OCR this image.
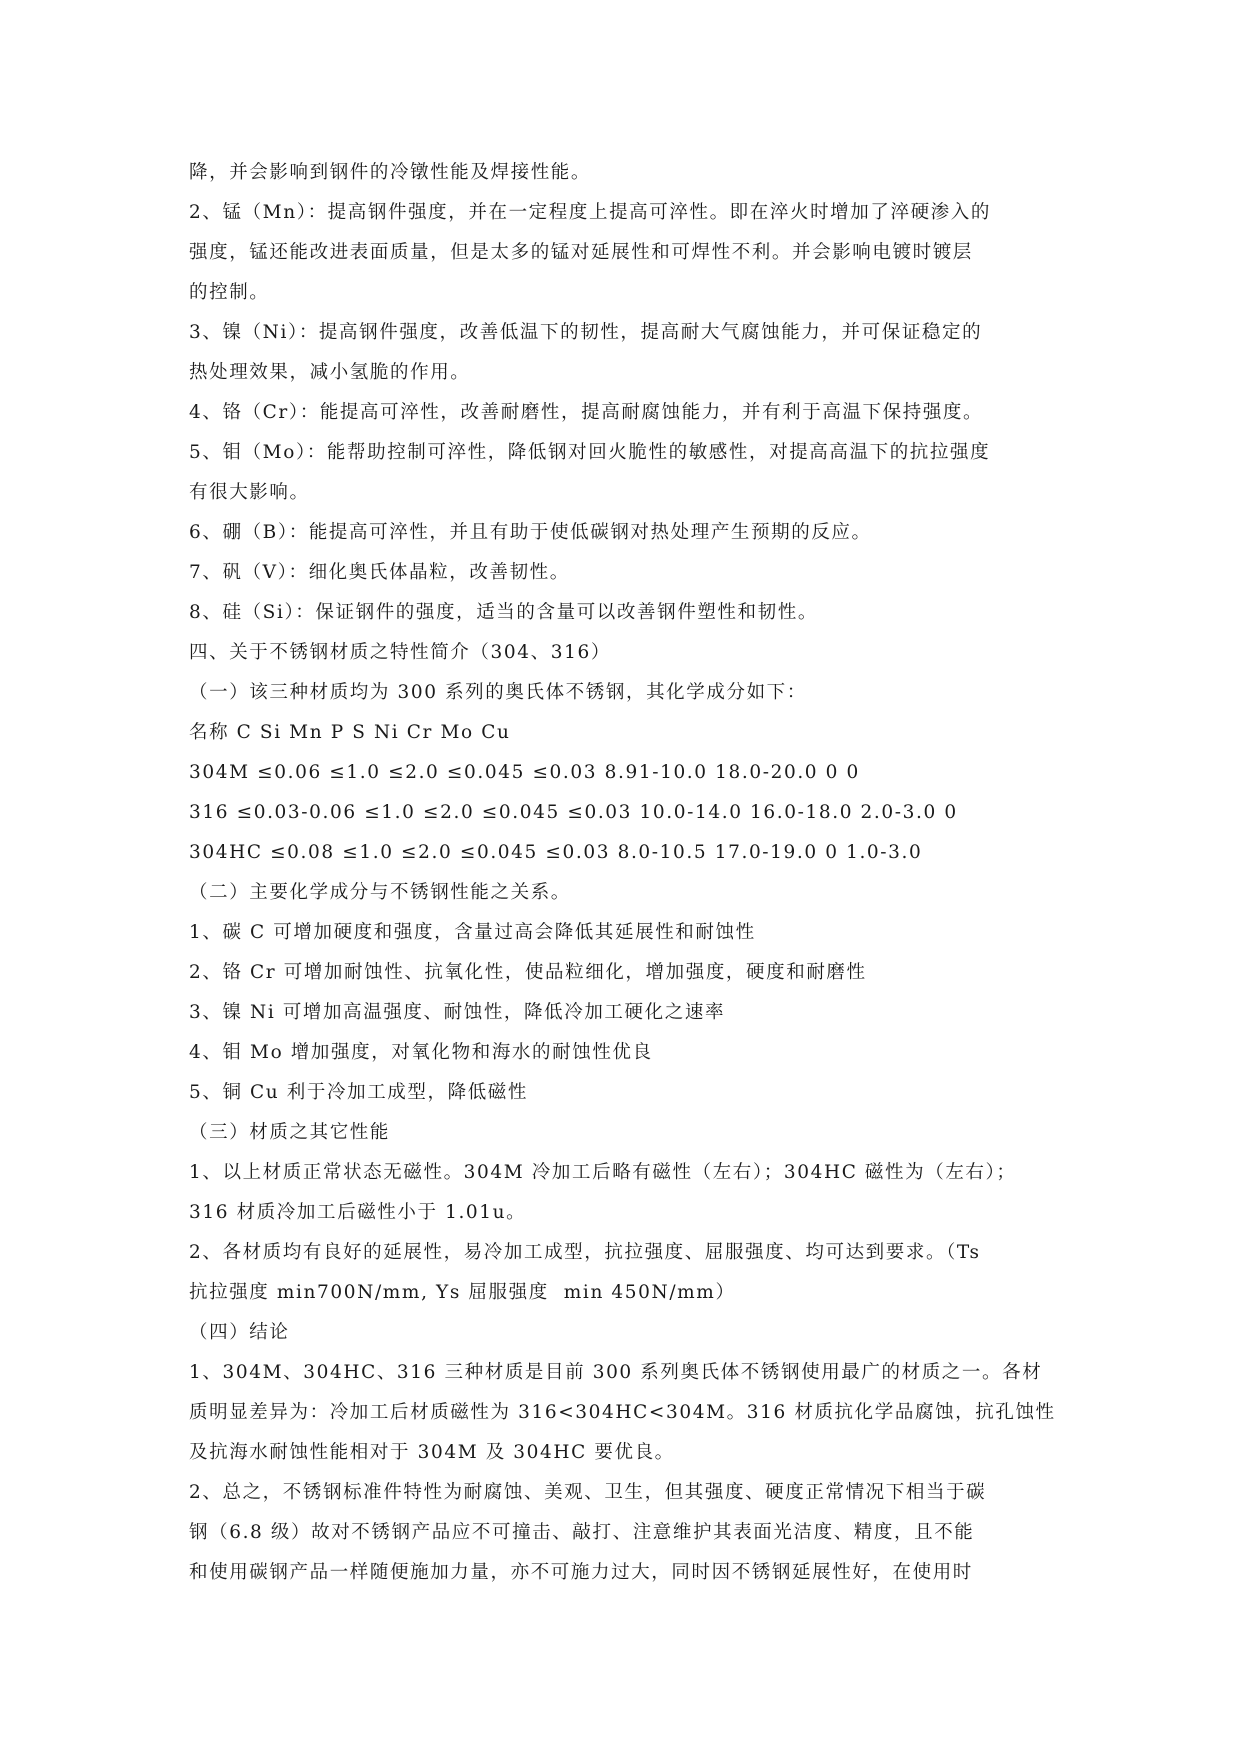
降，并会影响到钢件的冷镦性能及焊接性能。
2、锰（Mn）：提高钢件强度，并在一定程度上提高可淬性。即在淬火时增加了淬硬渗入的
强度，锰还能改进表面质量，但是太多的锰对延展性和可焊性不利。并会影响电镀时镀层
的控制。
3、镍（Ni）：提高钢件强度，改善低温下的韧性，提高耐大气腐蚀能力，并可保证稳定的
热处理效果，减小氢脆的作用。
4、铬（Cr）：能提高可淬性，改善耐磨性，提高耐腐蚀能力，并有利于高温下保持强度。
5、钼（Mo）：能帮助控制可淬性，降低钢对回火脆性的敏感性，对提高高温下的抗拉强度
有很大影响。
6、硼（B）：能提高可淬性，并且有助于使低碳钢对热处理产生预期的反应。
7、矾（V）：细化奥氏体晶粒，改善韧性。
8、硅（Si）：保证钢件的强度，适当的含量可以改善钢件塑性和韧性。
四、关于不锈钢材质之特性简介（304、316）
（一）该三种材质均为 300 系列的奥氏体不锈钢，其化学成分如下：
名称 C Si Mn P S Ni Cr Mo Cu
304M ≤0.06 ≤1.0 ≤2.0 ≤0.045 ≤0.03 8.91-10.0 18.0-20.0 0 0
316 ≤0.03-0.06 ≤1.0 ≤2.0 ≤0.045 ≤0.03 10.0-14.0 16.0-18.0 2.0-3.0 0
304HC ≤0.08 ≤1.0 ≤2.0 ≤0.045 ≤0.03 8.0-10.5 17.0-19.0 0 1.0-3.0
（二）主要化学成分与不锈钢性能之关系。
1、碳 C 可增加硬度和强度，含量过高会降低其延展性和耐蚀性
2、铬 Cr 可增加耐蚀性、抗氧化性，使品粒细化，增加强度，硬度和耐磨性
3、镍 Ni 可增加高温强度、耐蚀性，降低冷加工硬化之速率
4、钼 Mo 增加强度，对氧化物和海水的耐蚀性优良
5、铜 Cu 利于冷加工成型，降低磁性
（三）材质之其它性能
1、以上材质正常状态无磁性。304M 冷加工后略有磁性（左右）；304HC 磁性为（左右）；
316 材质冷加工后磁性小于 1.01u。
2、各材质均有良好的延展性，易冷加工成型，抗拉强度、屈服强度、均可达到要求。（Ts
抗拉强度 min700N/mm, Ys 屈服强度  min 450N/mm）
（四）结论
1、304M、304HC、316 三种材质是目前 300 系列奥氏体不锈钢使用最广的材质之一。各材
质明显差异为：冷加工后材质磁性为 316<304HC<304M。316 材质抗化学品腐蚀，抗孔蚀性
及抗海水耐蚀性能相对于 304M 及 304HC 要优良。
2、总之，不锈钢标准件特性为耐腐蚀、美观、卫生，但其强度、硬度正常情况下相当于碳
钢（6.8 级）故对不锈钢产品应不可撞击、敲打、注意维护其表面光洁度、精度，且不能
和使用碳钢产品一样随便施加力量，亦不可施力过大，同时因不锈钢延展性好，在使用时
